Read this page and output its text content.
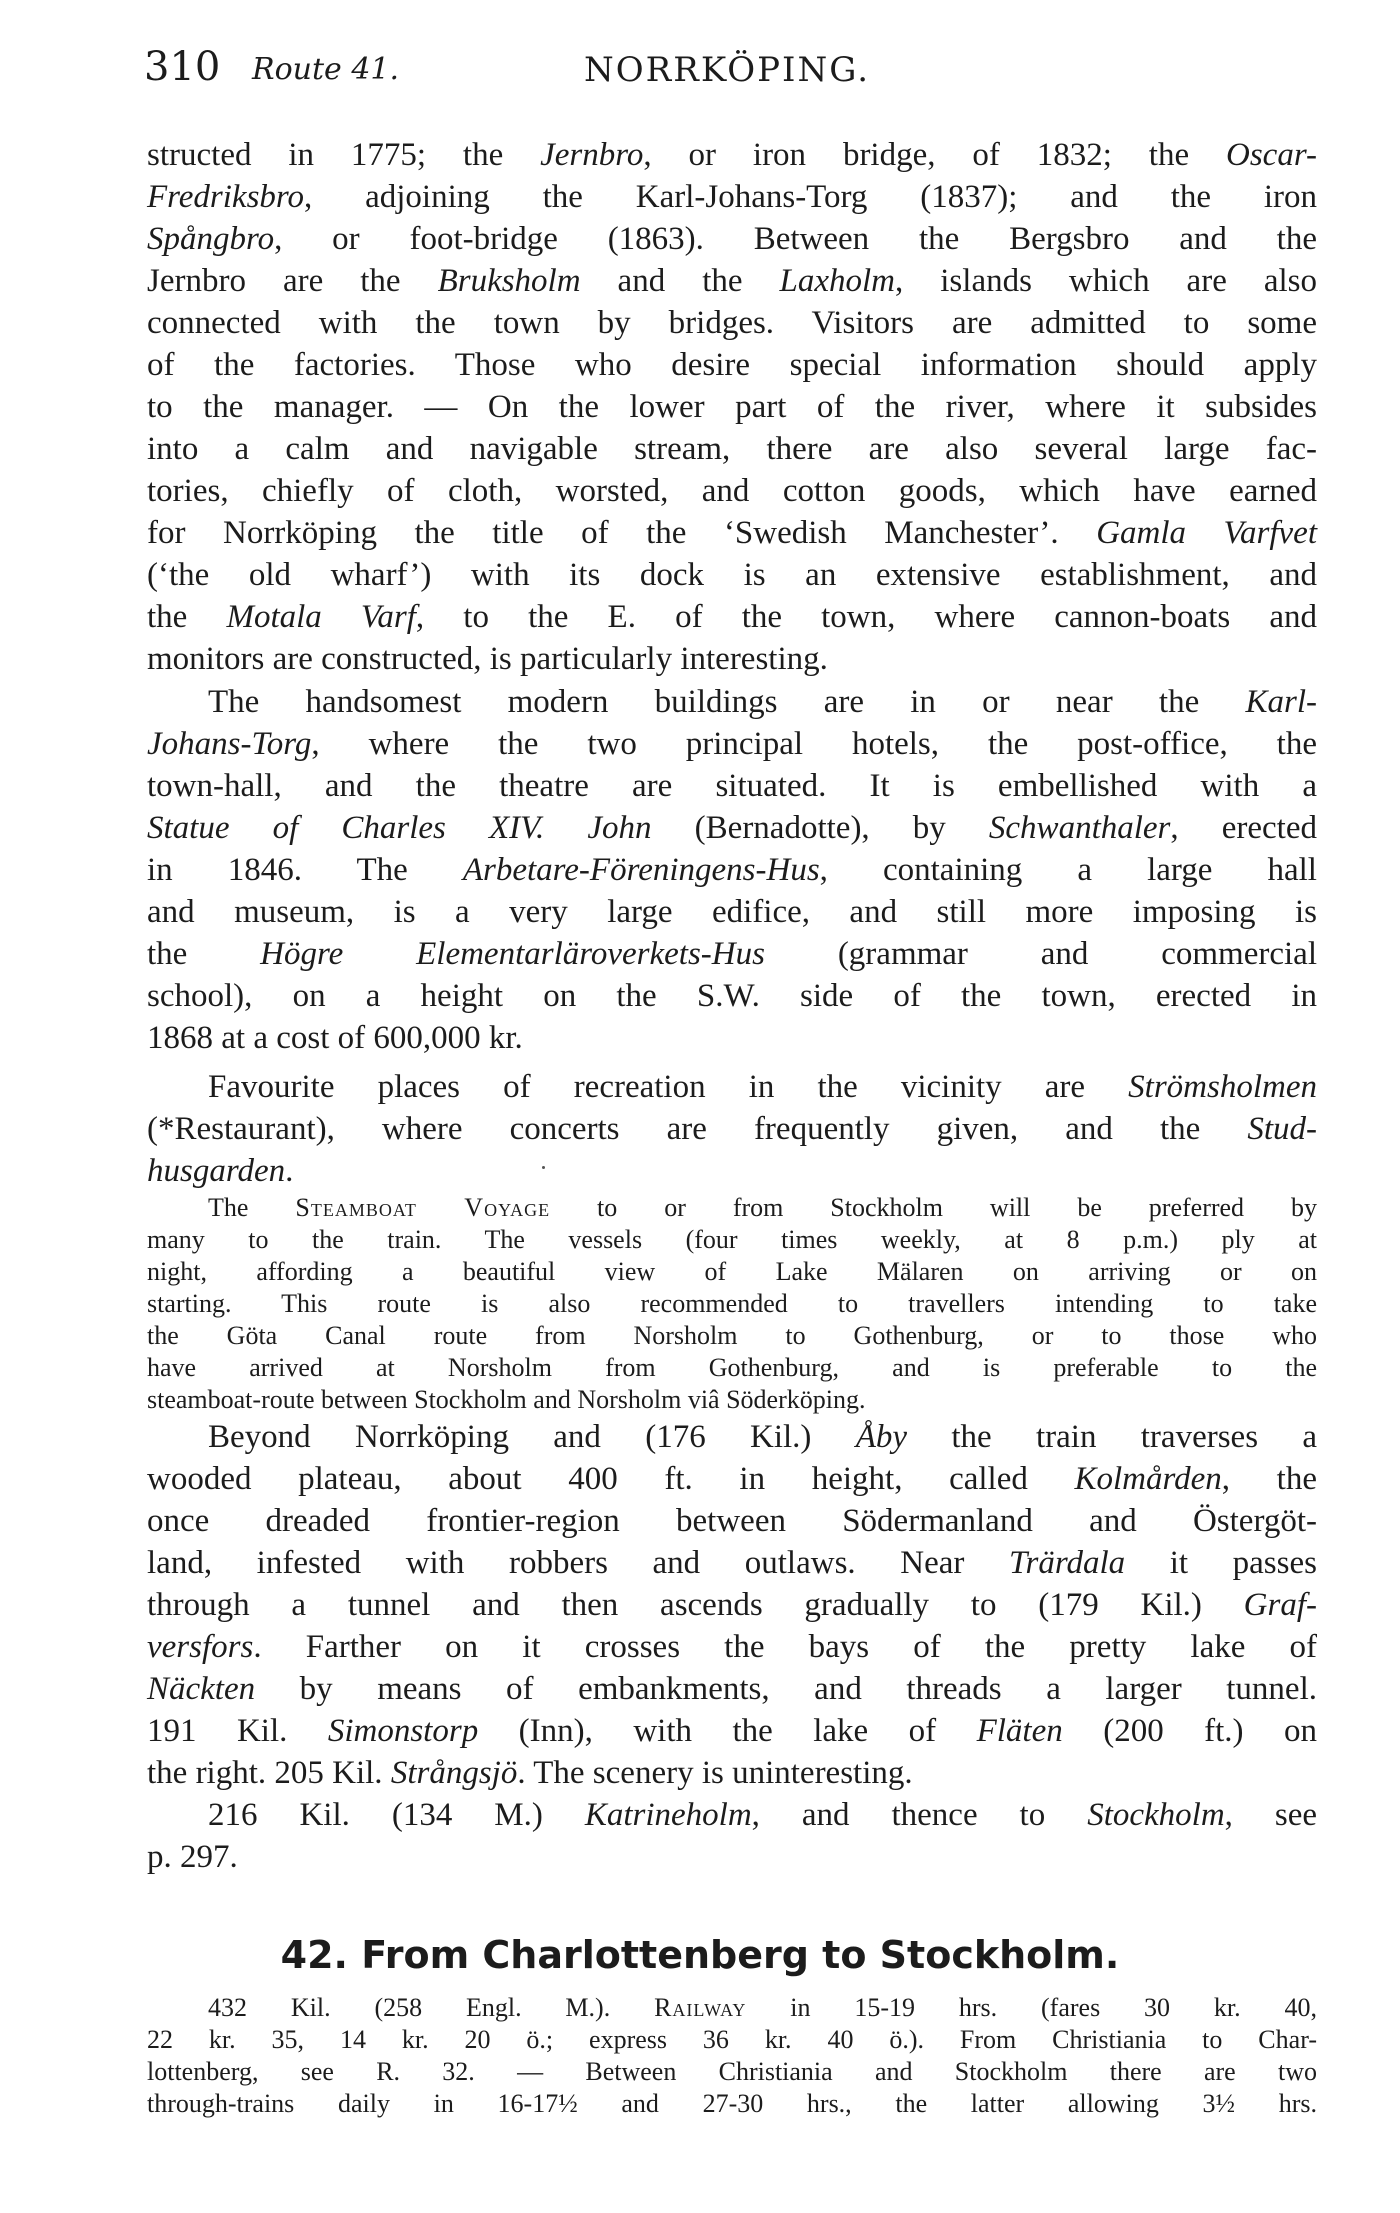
310 Route 41.	NORRKÖPING.

structed in 1775; the Jernbro, or iron bridge, of 1832; the Oscar-

Fredriksbro, adjoining the Karl-Johans-Torg (1837); and the iron

Spångbro, or foot-bridge (1863). Between the Bergsbro and the

Jernbro are the Bruksholm and the Laxholm, islands which are also

connected with the town by bridges. Visitors are admitted to some

of the factories. Those who desire special information should apply

to the manager. — On the lower part of the river, where it subsides

into a calm and navigable stream, there are also several large fac-

tories, chiefly of cloth, worsted, and cotton goods, which have earned

for Norrköping the title of the ‘Swedish Manchester’. Gamla Varfvet

(‘the old wharf’) with its dock is an extensive establishment, and

the Motala Varf, to the E. of the town, where cannon-boats and

monitors are constructed, is particularly interesting.

The handsomest modern buildings are in or near the Karl-

Johans-Torg, where the two principal hotels, the post-office, the

town-hall, and the theatre are situated. It is embellished with a

Statue of Charles XIV. John (Bernadotte), by Schwanthaler, erected

in 1846. The Arbetare-Föreningens-Hus, containing a large hall

and museum, is a very large edifice, and still more imposing is

the Högre Elementarläroverkets-Hus (grammar and commercial

school), on a height on the S.W. side of the town, erected in

1868 at a cost of 600,000 kr.

Favourite places of recreation in the vicinity are Strömsholmen

(*Restaurant), where concerts are frequently given, and the Stud-

husgarden.

The Steamboat Voyage to or from Stockholm will be preferred by

many to the train. The vessels (four times weekly, at 8 p.m.) ply at

night, affording a beautiful view of Lake Mälaren on arriving or on

starting. This route is also recommended to travellers intending to take

the Göta Canal route from Norsholm to Gothenburg, or to those who

have arrived at Norsholm from Gothenburg, and is preferable to the

steamboat-route between Stockholm and Norsholm viâ Söderköping.

Beyond Norrköping and (176 Kil.) Åby the train traverses a

wooded plateau, about 400 ft. in height, called Kolmården, the

once dreaded frontier-region between Södermanland and Östergöt-

land, infested with robbers and outlaws. Near Trärdala it passes

through a tunnel and then ascends gradually to (179 Kil.) Graf-

versfors. Farther on it crosses the bays of the pretty lake of

Näckten by means of embankments, and threads a larger tunnel.

191 Kil. Simonstorp (Inn), with the lake of Fläten (200 ft.) on

the right. 205 Kil. Strångsjö. The scenery is uninteresting.

216 Kil. (134 M.) Katrineholm, and thence to Stockholm, see

p. 297.

42. From Charlottenberg to Stockholm.

432 Kil. (258 Engl. M.). Railway in 15-19 hrs. (fares 30 kr. 40,

22 kr. 35, 14 kr. 20 ö.; express 36 kr. 40 ö.). From Christiania to Char-

lottenberg, see R. 32. — Between Christiania and Stockholm there are two

through-trains daily in 16-17½ and 27-30 hrs., the latter allowing 3½ hrs.
